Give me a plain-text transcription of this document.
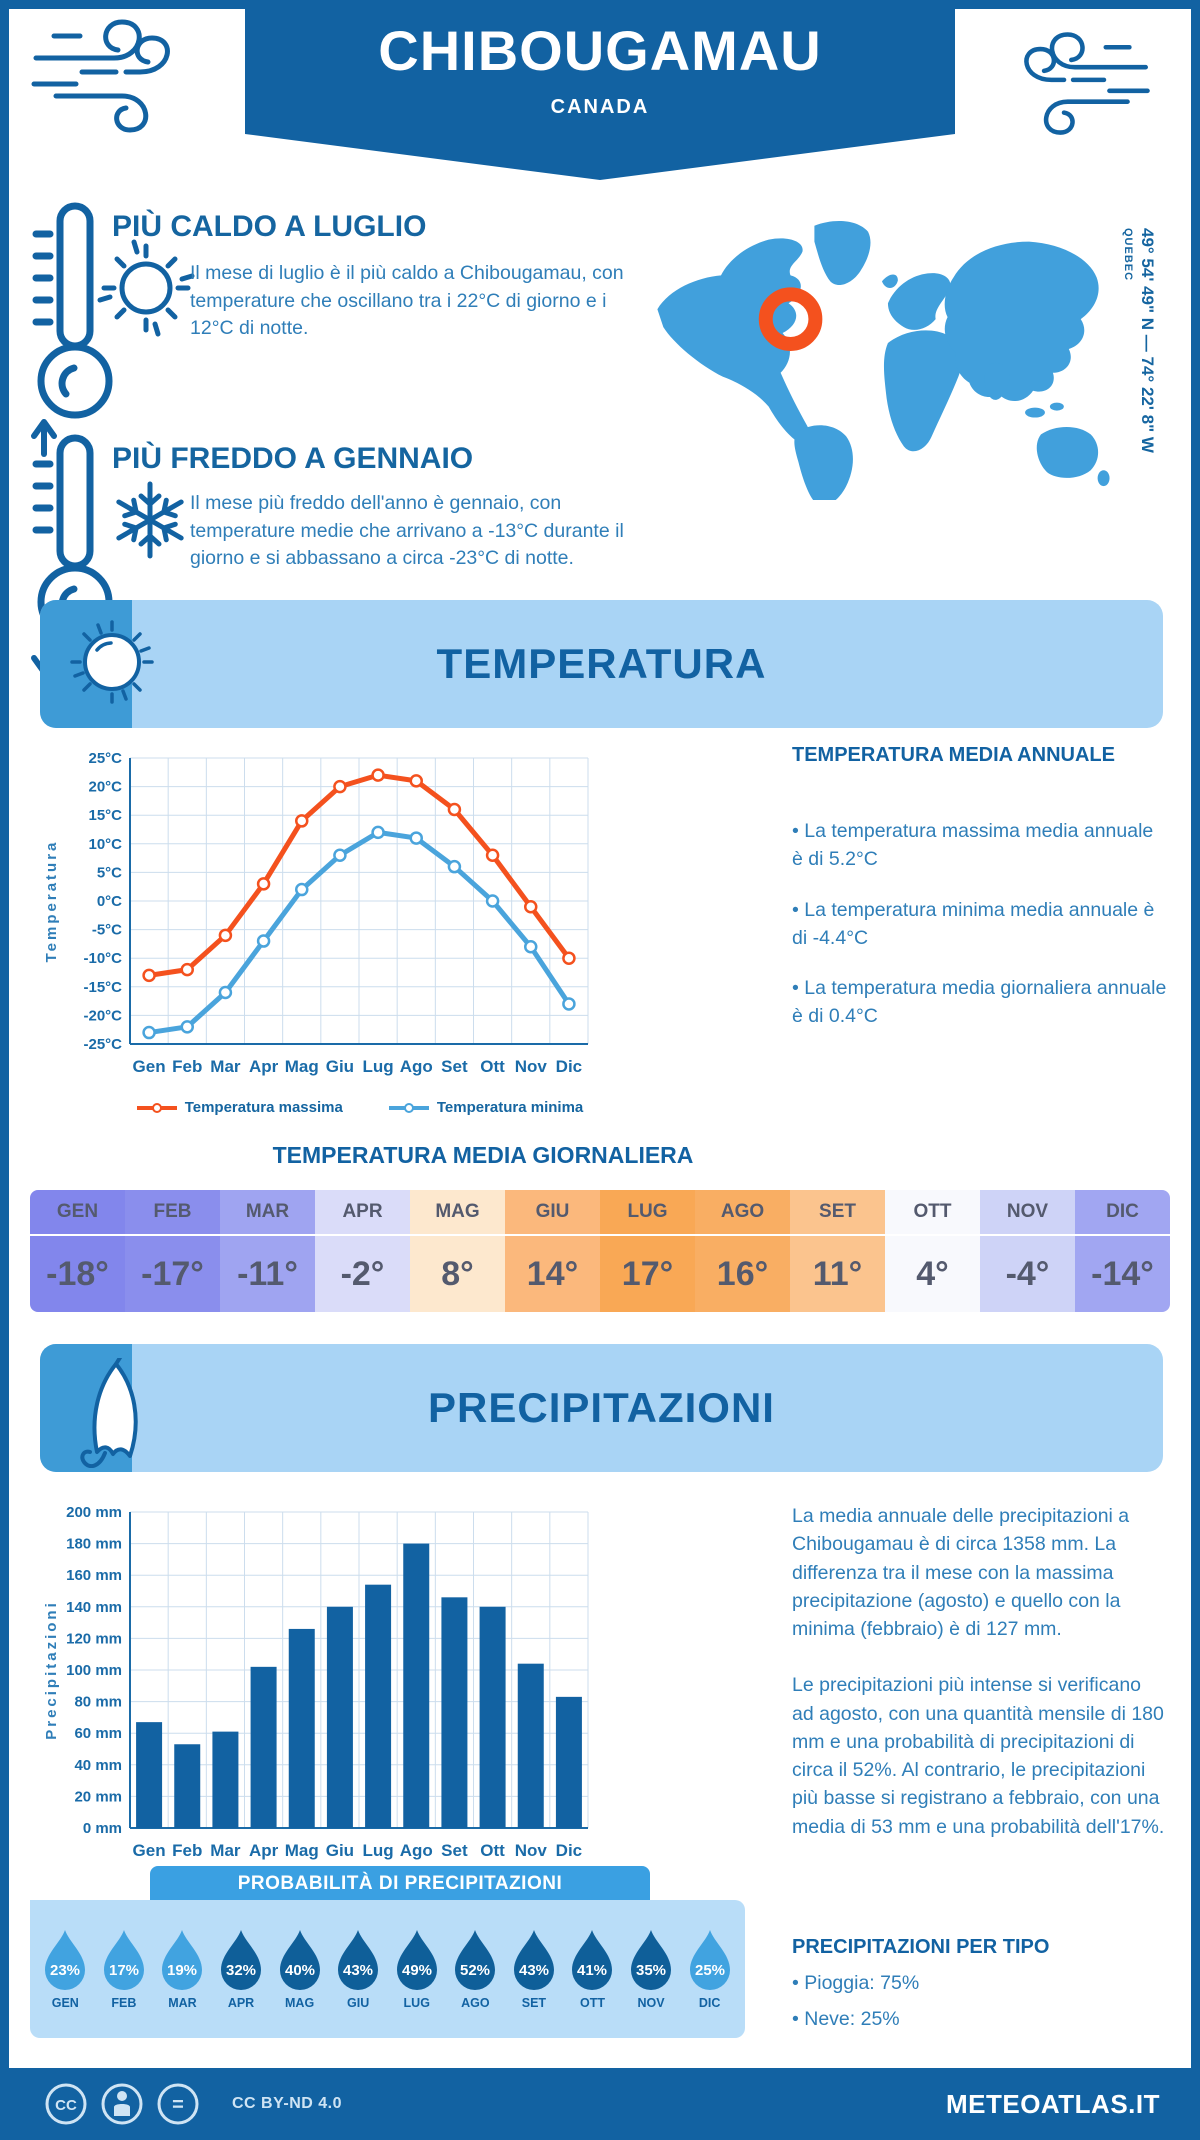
CHIBOUGAMAU
CANADA
PIÙ CALDO A LUGLIO
Il mese di luglio è il più caldo a Chibougamau, con temperature che oscillano tra i 22°C di giorno e i 12°C di notte.
PIÙ FREDDO A GENNAIO
Il mese più freddo dell'anno è gennaio, con temperature medie che arrivano a -13°C durante il giorno e si abbassano a circa -23°C di notte.
49° 54' 49" N — 74° 22' 8" W
QUEBEC
TEMPERATURA
25°C
20°C
15°C
10°C
5°C
0°C
-5°C
-10°C
-15°C
-20°C
-25°C
Gen Feb Mar Apr Mag Giu Lug Ago Set Ott Nov Dic
Temperatura
Temperatura massima	Temperatura minima
TEMPERATURA MEDIA ANNUALE

• La temperatura massima media annuale è di 5.2°C

• La temperatura minima media annuale è di -4.4°C

• La temperatura media giornaliera annuale è di 0.4°C

TEMPERATURA MEDIA GIORNALIERA
GEN	FEB	MAR	APR	MAG	GIU	LUG	AGO	SET	OTT	NOV	DIC
-18° -17° -11°	-2°	8°	14°	17°	16°	11°	4°	-4°	-14°
PRECIPITAZIONI
200 mm
180 mm
160 mm
140 mm
120 mm
100 mm
80 mm
60 mm
40 mm
20 mm
0 mm
Gen Feb Mar Apr Mag Giu Lug Ago Set Ott Nov Dic
Precipitazioni

La media annuale delle precipitazioni a Chibougamau è di circa 1358 mm. La differenza tra il mese con la massima precipitazione (agosto) e quello con la minima (febbraio) è di 127 mm.

Le precipitazioni più intense si verificano ad agosto, con una quantità mensile di 180 mm e una probabilità di precipitazioni di circa il 52%. Al contrario, le precipitazioni più basse si registrano a febbraio, con una media di 53 mm e una probabilità dell'17%.

PROBABILITÀ DI PRECIPITAZIONI
23%
GEN
17%
FEB
19%
MAR
32%
APR
40%
MAG
43%
GIU
49%
LUG
52%
AGO
43%
SET
41%
OTT
35%
NOV
25%
DIC
PRECIPITAZIONI PER TIPO

• Pioggia: 75%

• Neve: 25%

CC	=	CC BY-ND 4.0	METEOATLAS.IT
